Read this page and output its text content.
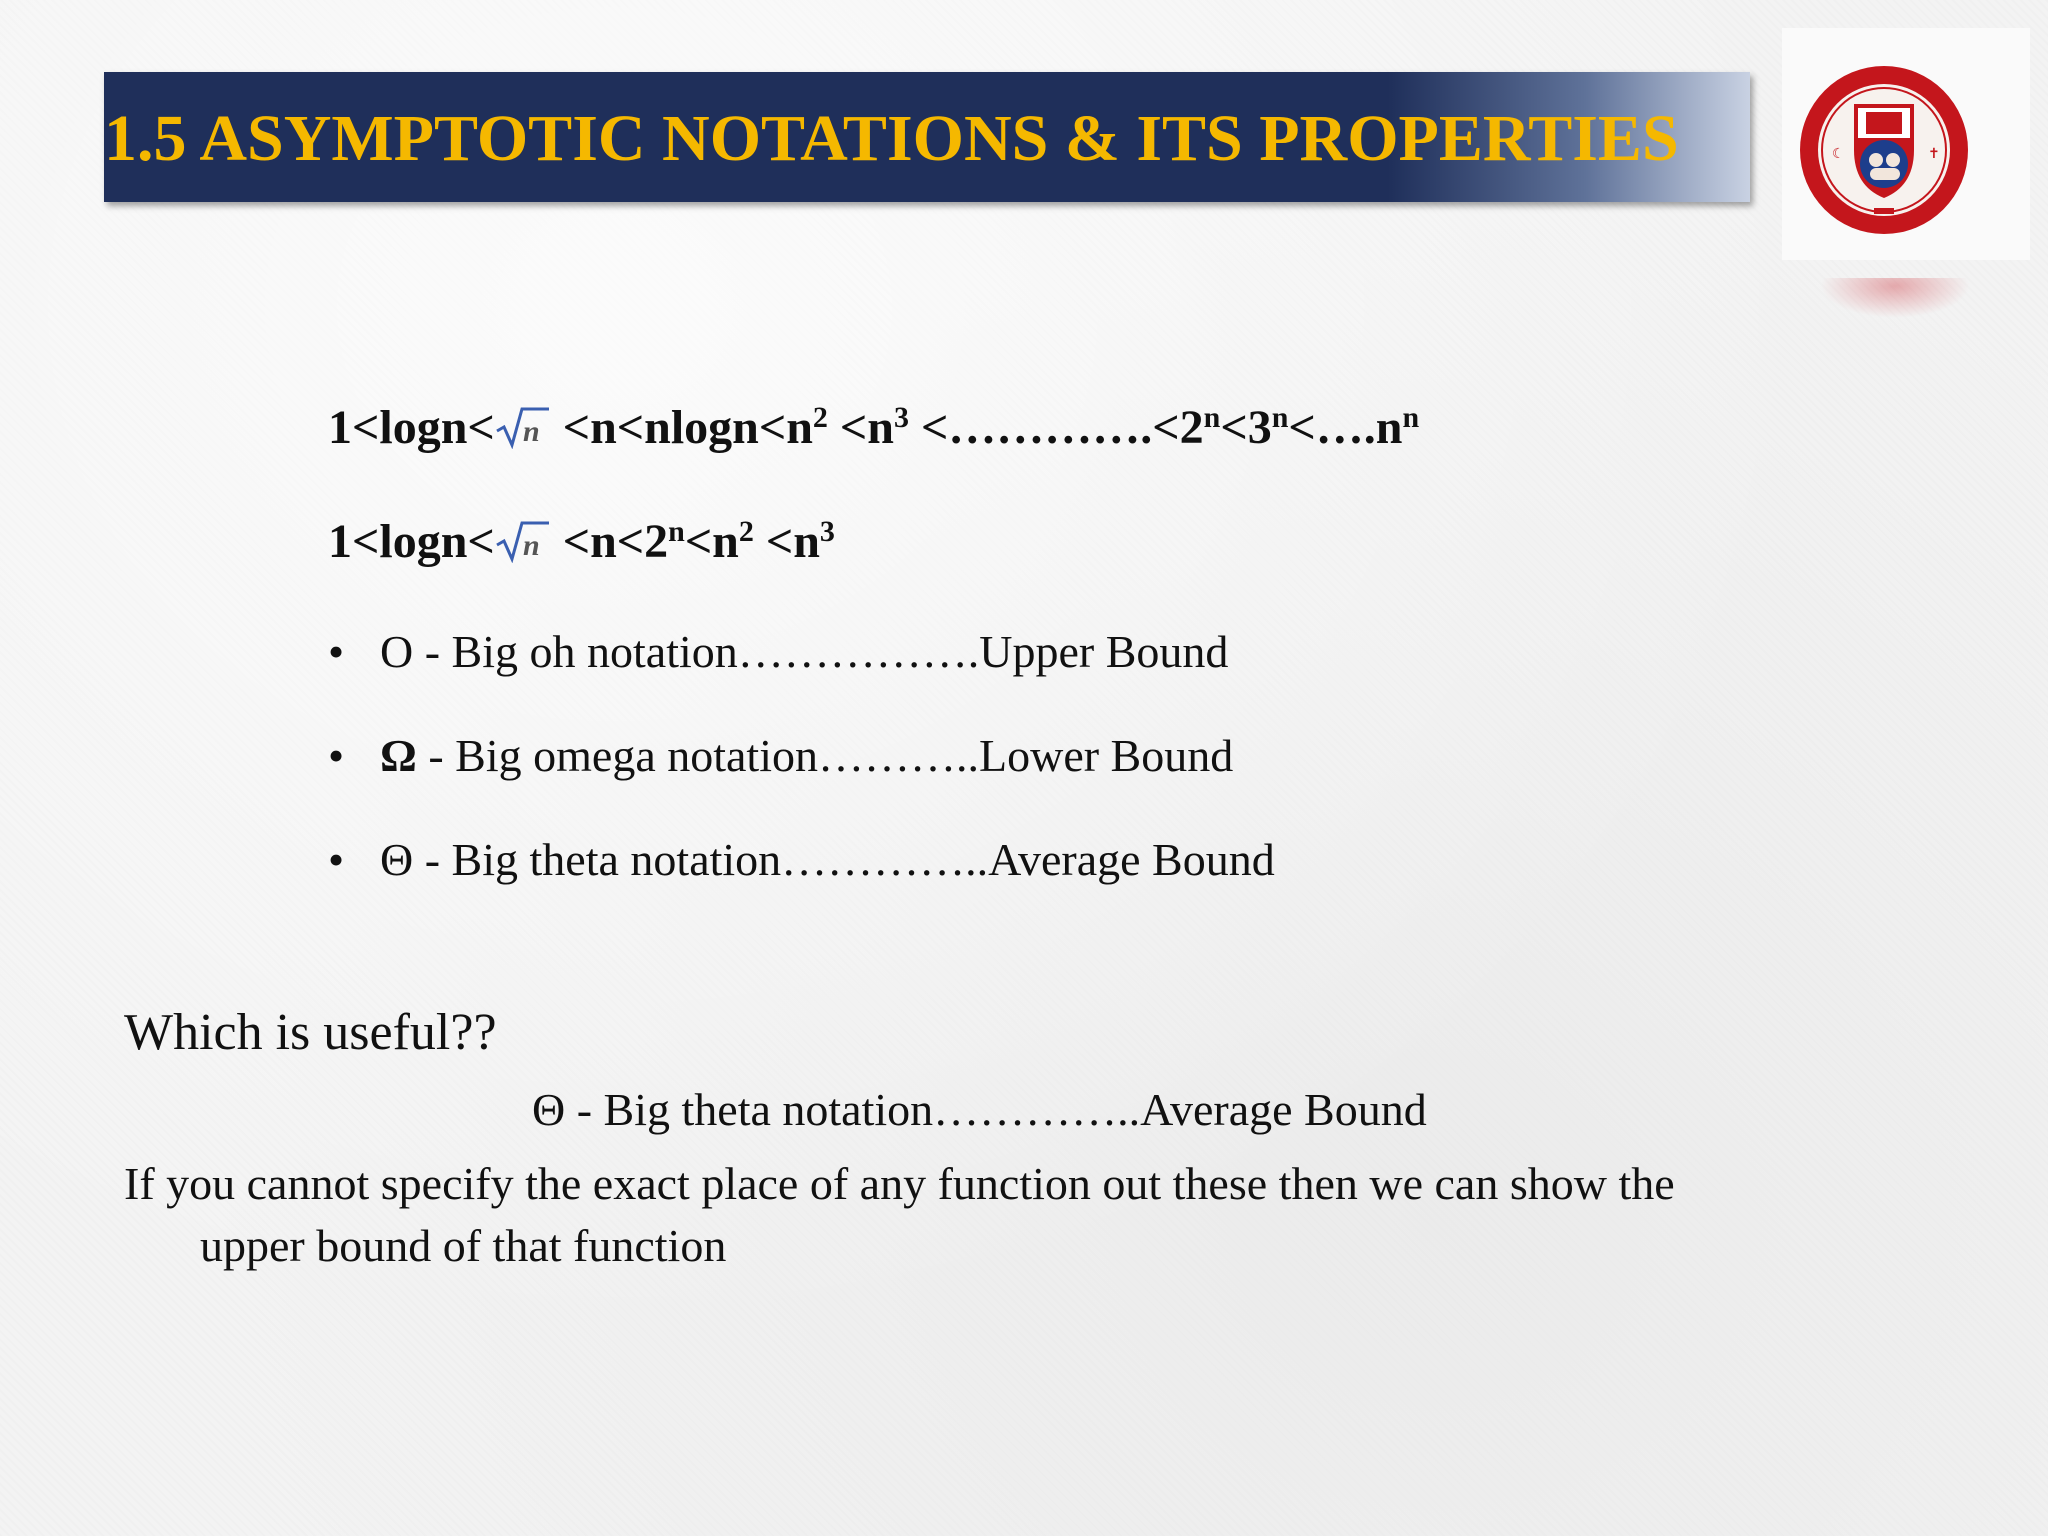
1.5 ASYMPTOTIC NOTATIONS & ITS PROPERTIES	☾	✝
$1<\log n< n <n<nlogn<n^2 <n^3$ $<\dots\dots\dots\dots.<2^n<3^n<\dots.n^n$
$1<\log n< n <n<2^n<n^2 <n^3$
• O - Big oh notation…………….Upper Bound
• Ω - Big omega notation………..Lower Bound
• Θ - Big theta notation…………..Average Bound
Which is useful??
Θ - Big theta notation…………..Average Bound
If you cannot specify the exact place of any function out these then we can show the
upper bound of that function
